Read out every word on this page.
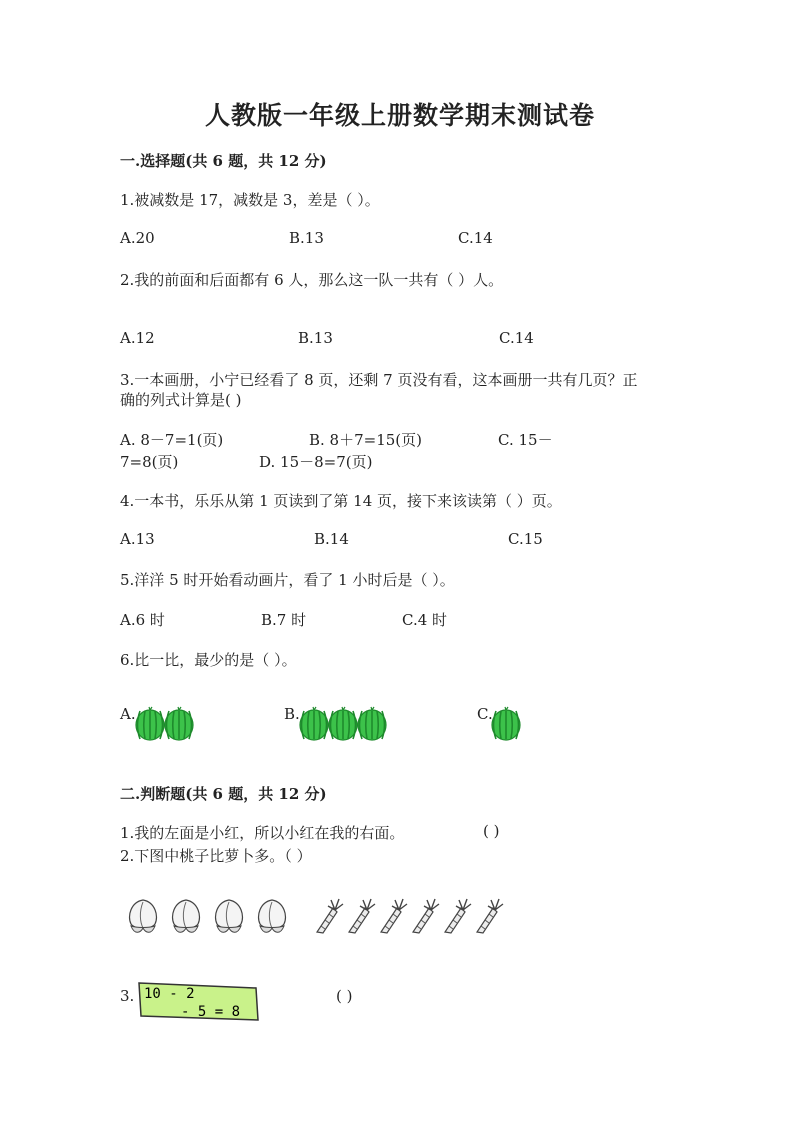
人教版一年级上册数学期末测试卷
一.选择题(共 6 题，共 12 分)
1.被减数是 17，减数是 3，差是（ ）。
A.20	B.13	C.14
2.我的前面和后面都有 6 人，那么这一队一共有（ ）人。
A.12	B.13	C.14
3.一本画册，小宁已经看了 8 页，还剩 7 页没有看，这本画册一共有几页？正
确的列式计算是( )
A. 8－7=1(页)	B. 8＋7=15(页)	C. 15－
7=8(页)	D. 15－8=7(页)
4.一本书，乐乐从第 1 页读到了第 14 页，接下来该读第（ ）页。
A.13	B.14	C.15
5.洋洋 5 时开始看动画片，看了 1 小时后是（ ）。
A.6 时	B.7 时	C.4 时
6.比一比，最少的是（ ）。
A.	B.	C.
二.判断题(共 6 题，共 12 分)
1.我的左面是小红，所以小红在我的右面。	( )
2.下图中桃子比萝卜多。（ ）
3. 10 - 2
- 5 = 8
( )
